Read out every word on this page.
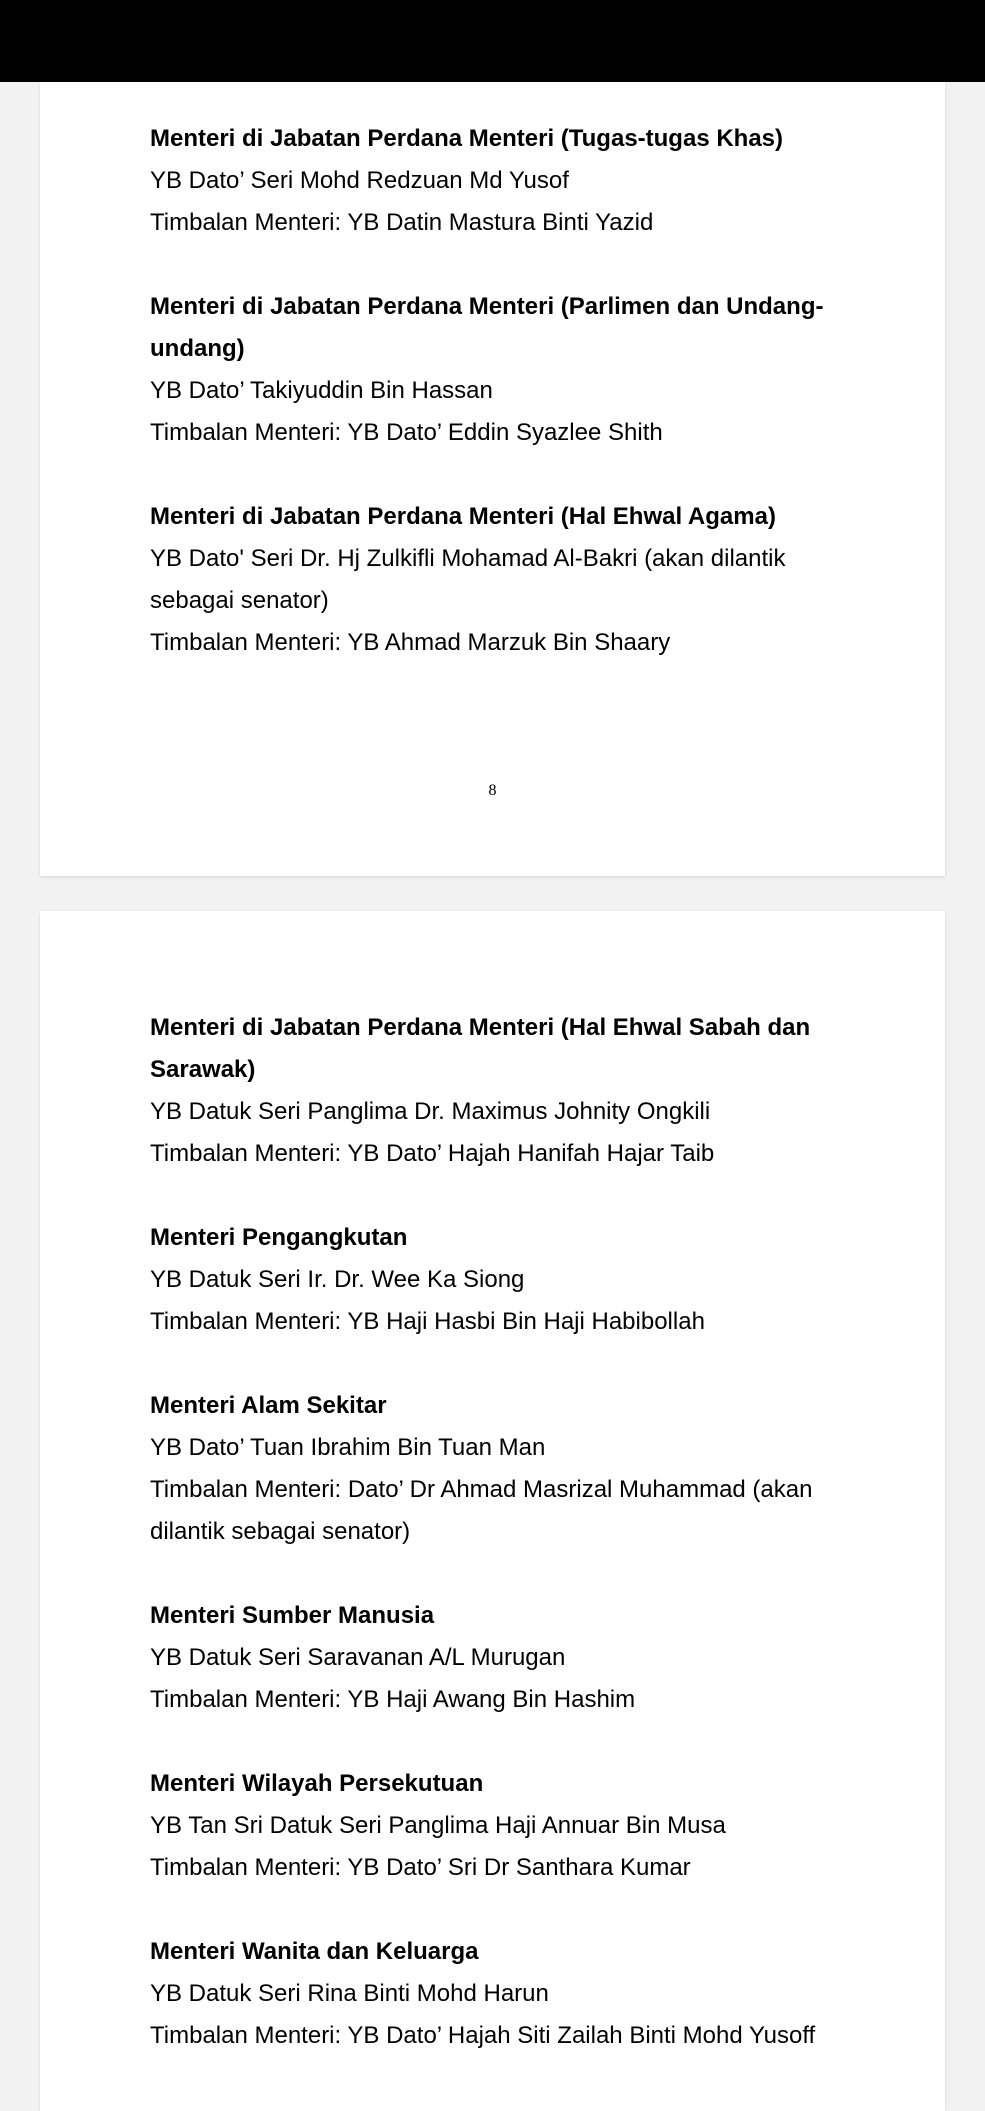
Menteri di Jabatan Perdana Menteri (Tugas-tugas Khas)

YB Dato’ Seri Mohd Redzuan Md Yusof

Timbalan Menteri: YB Datin Mastura Binti Yazid

Menteri di Jabatan Perdana Menteri (Parlimen dan Undang-

undang)

YB Dato’ Takiyuddin Bin Hassan

Timbalan Menteri: YB Dato’ Eddin Syazlee Shith

Menteri di Jabatan Perdana Menteri (Hal Ehwal Agama)

YB Dato' Seri Dr. Hj Zulkifli Mohamad Al-Bakri (akan dilantik

sebagai senator)

Timbalan Menteri: YB Ahmad Marzuk Bin Shaary

8

Menteri di Jabatan Perdana Menteri (Hal Ehwal Sabah dan

Sarawak)

YB Datuk Seri Panglima Dr. Maximus Johnity Ongkili

Timbalan Menteri: YB Dato’ Hajah Hanifah Hajar Taib

Menteri Pengangkutan

YB Datuk Seri Ir. Dr. Wee Ka Siong

Timbalan Menteri: YB Haji Hasbi Bin Haji Habibollah

Menteri Alam Sekitar

YB Dato’ Tuan Ibrahim Bin Tuan Man

Timbalan Menteri: Dato’ Dr Ahmad Masrizal Muhammad (akan

dilantik sebagai senator)

Menteri Sumber Manusia

YB Datuk Seri Saravanan A/L Murugan

Timbalan Menteri: YB Haji Awang Bin Hashim

Menteri Wilayah Persekutuan

YB Tan Sri Datuk Seri Panglima Haji Annuar Bin Musa

Timbalan Menteri: YB Dato’ Sri Dr Santhara Kumar

Menteri Wanita dan Keluarga

YB Datuk Seri Rina Binti Mohd Harun

Timbalan Menteri: YB Dato’ Hajah Siti Zailah Binti Mohd Yusoff
